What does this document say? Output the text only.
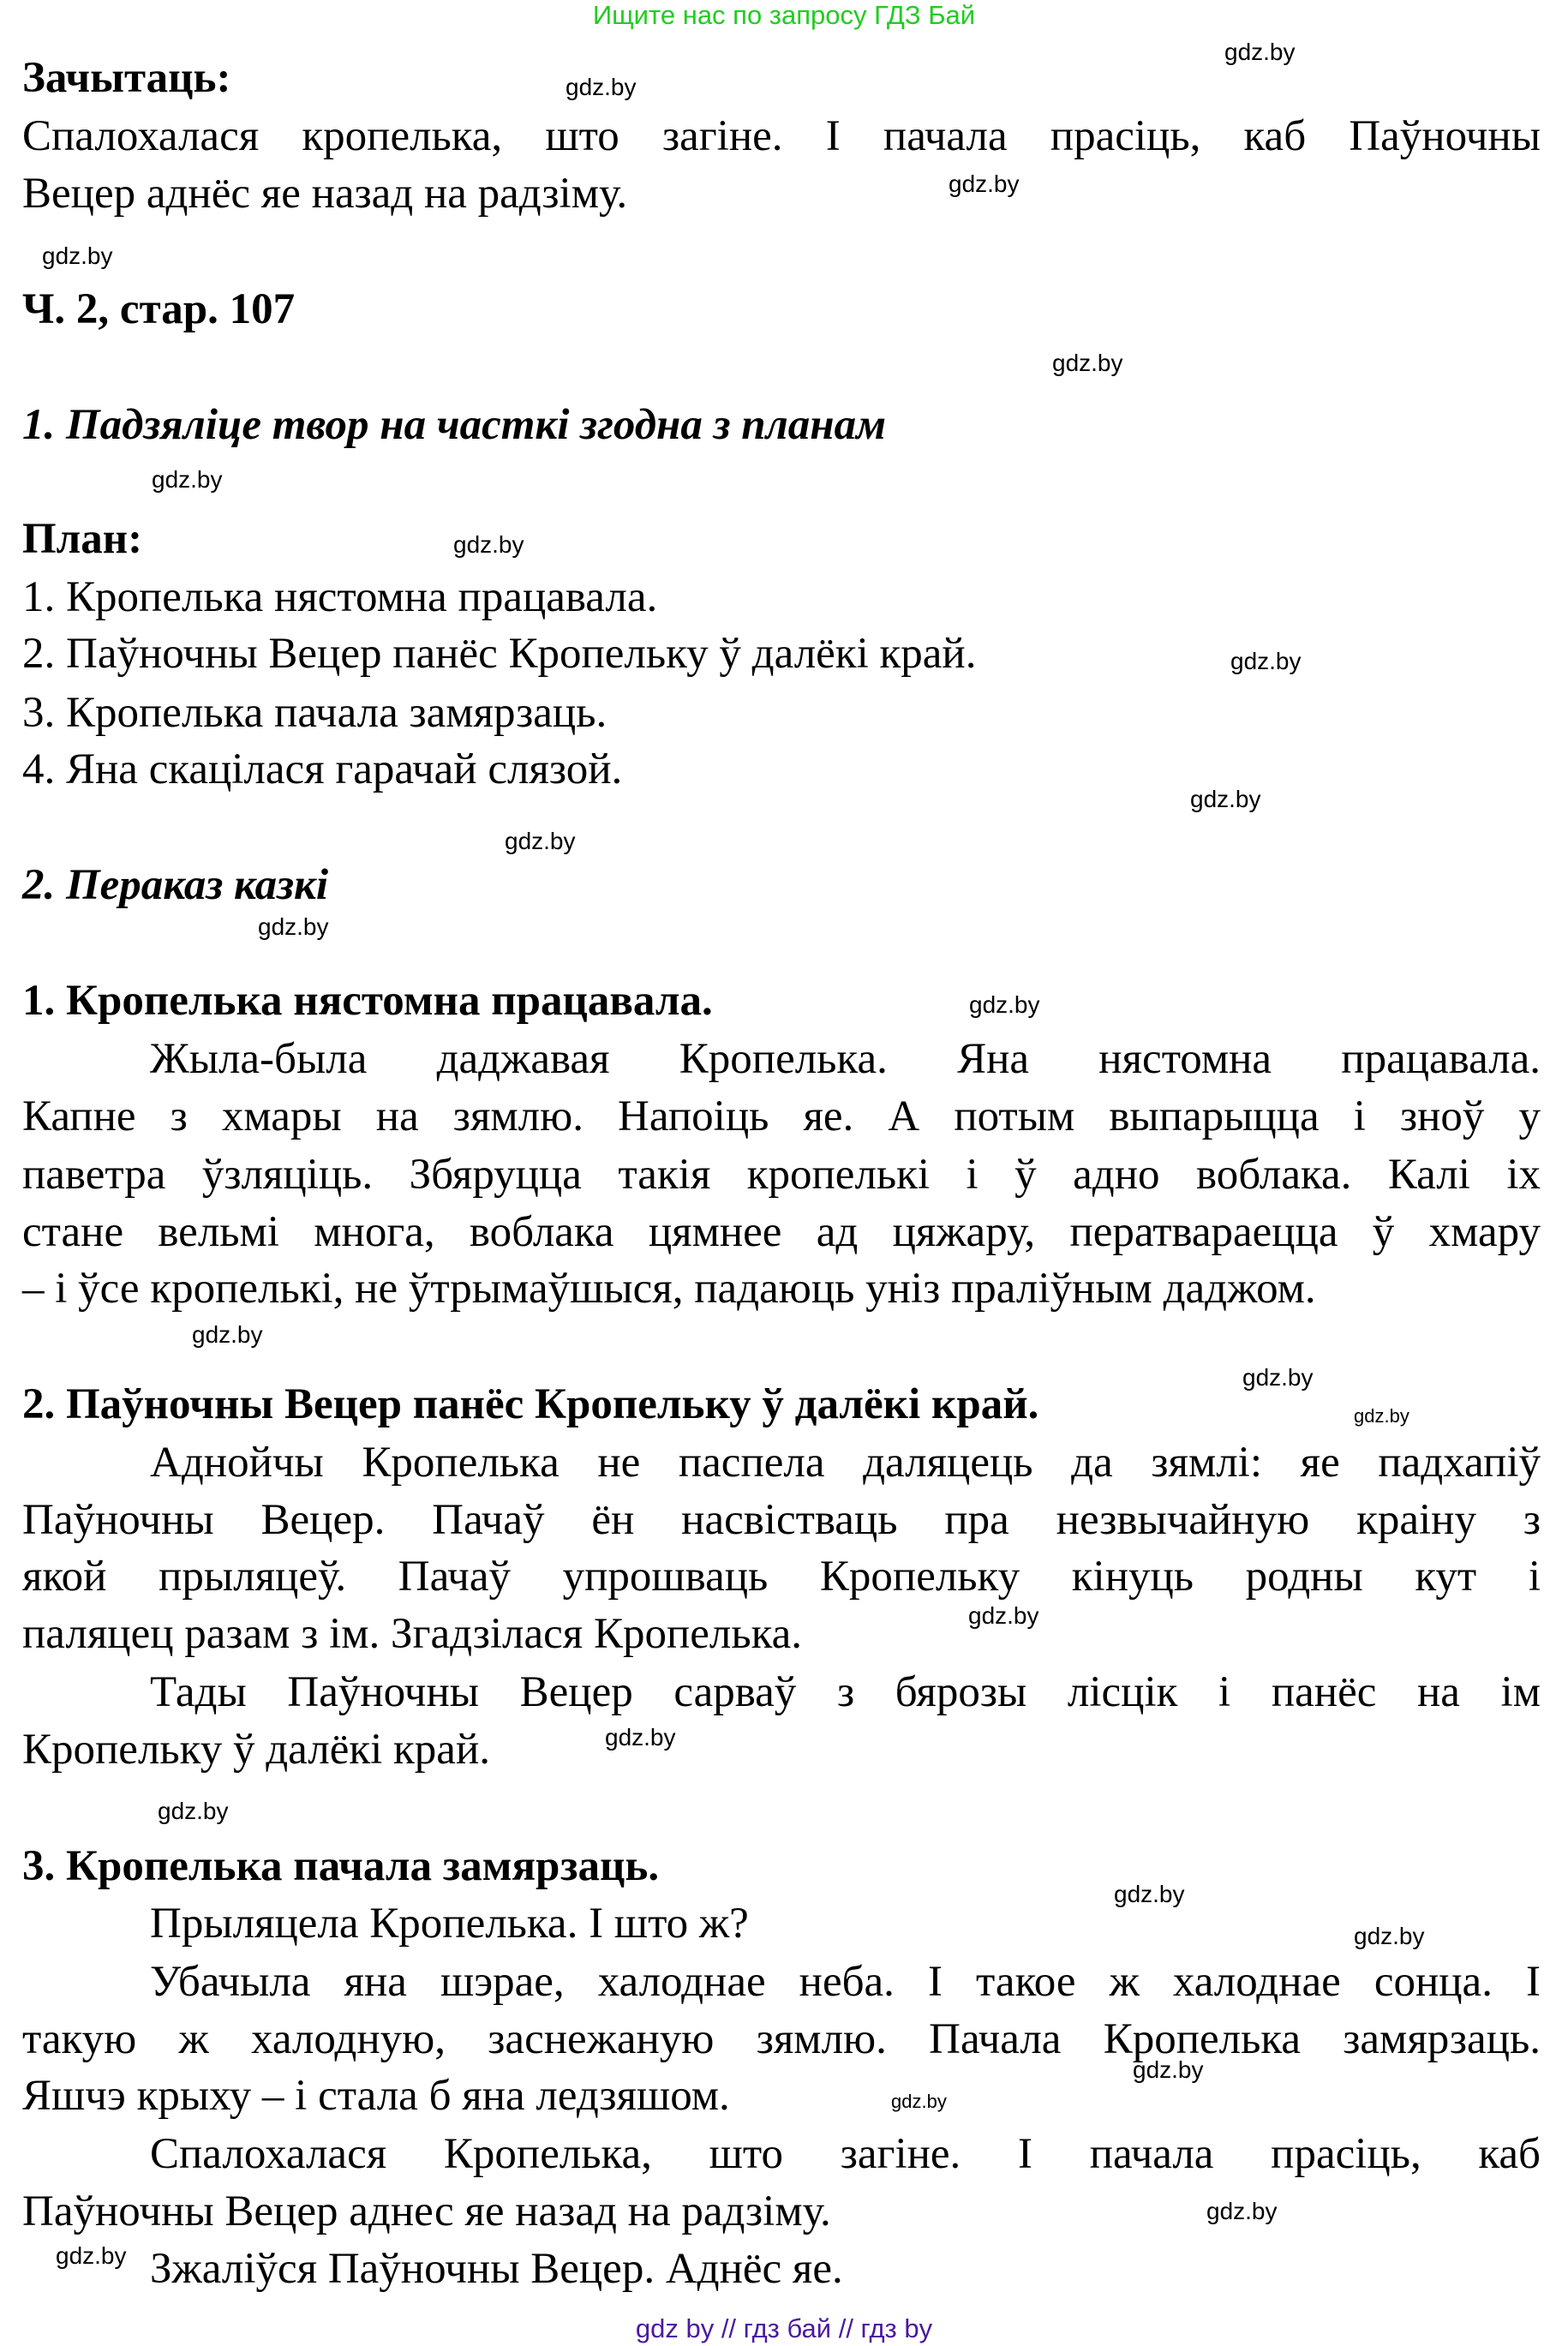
Ищите нас по запросу ГДЗ Бай
Зачытаць:
Спалохалася кропелька, што загіне. І пачала прасіць, каб Паўночны
Вецер аднёс яе назад на радзіму.
Ч. 2, стар. 107
1. Падзяліце твор на часткі згодна з планам
План:
1. Кропелька нястомна працавала.
2. Паўночны Вецер панёс Кропельку ў далёкі край.
3. Кропелька пачала замярзаць.
4. Яна скацілася гарачай слязой.
2. Пераказ казкі
1. Кропелька нястомна працавала.
Жыла-была даджавая Кропелька. Яна нястомна працавала.
Капне з хмары на зямлю. Напоіць яе. А потым выпарыцца і зноў у
паветра ўзляціць. Збяруцца такія кропелькі і ў адно воблака. Калі іх
стане вельмі многа, воблака цямнее ад цяжару, ператвараецца ў хмару
– і ўсе кропелькі, не ўтрымаўшыся, падаюць уніз праліўным даджом.
2. Паўночны Вецер панёс Кропельку ў далёкі край.
Аднойчы Кропелька не паспела даляцець да зямлі: яе падхапіў
Паўночны Вецер. Пачаў ён насвістваць пра незвычайную краіну з
якой прыляцеў. Пачаў упрошваць Кропельку кінуць родны кут і
паляцец разам з ім. Згадзілася Кропелька.
Тады Паўночны Вецер сарваў з бярозы лісцік і панёс на ім
Кропельку ў далёкі край.
3. Кропелька пачала замярзаць.
Прыляцела Кропелька. І што ж?
Убачыла яна шэрае, халоднае неба. І такое ж халоднае сонца. І
такую ж халодную, заснежаную зямлю. Пачала Кропелька замярзаць.
Яшчэ крыху – і стала б яна ледзяшом.
Спалохалася Кропелька, што загіне. І пачала прасіць, каб
Паўночны Вецер аднес яе назад на радзіму.
Зжаліўся Паўночны Вецер. Аднёс яе.
gdz.by
gdz.by
gdz.by
gdz.by
gdz.by
gdz.by
gdz.by
gdz.by
gdz.by
gdz.by
gdz.by
gdz.by
gdz.by
gdz.by
gdz.by
gdz.by
gdz.by
gdz.by
gdz.by
gdz.by
gdz.by
gdz.by
gdz.by
gdz.by
gdz by // гдз бай // гдз by
